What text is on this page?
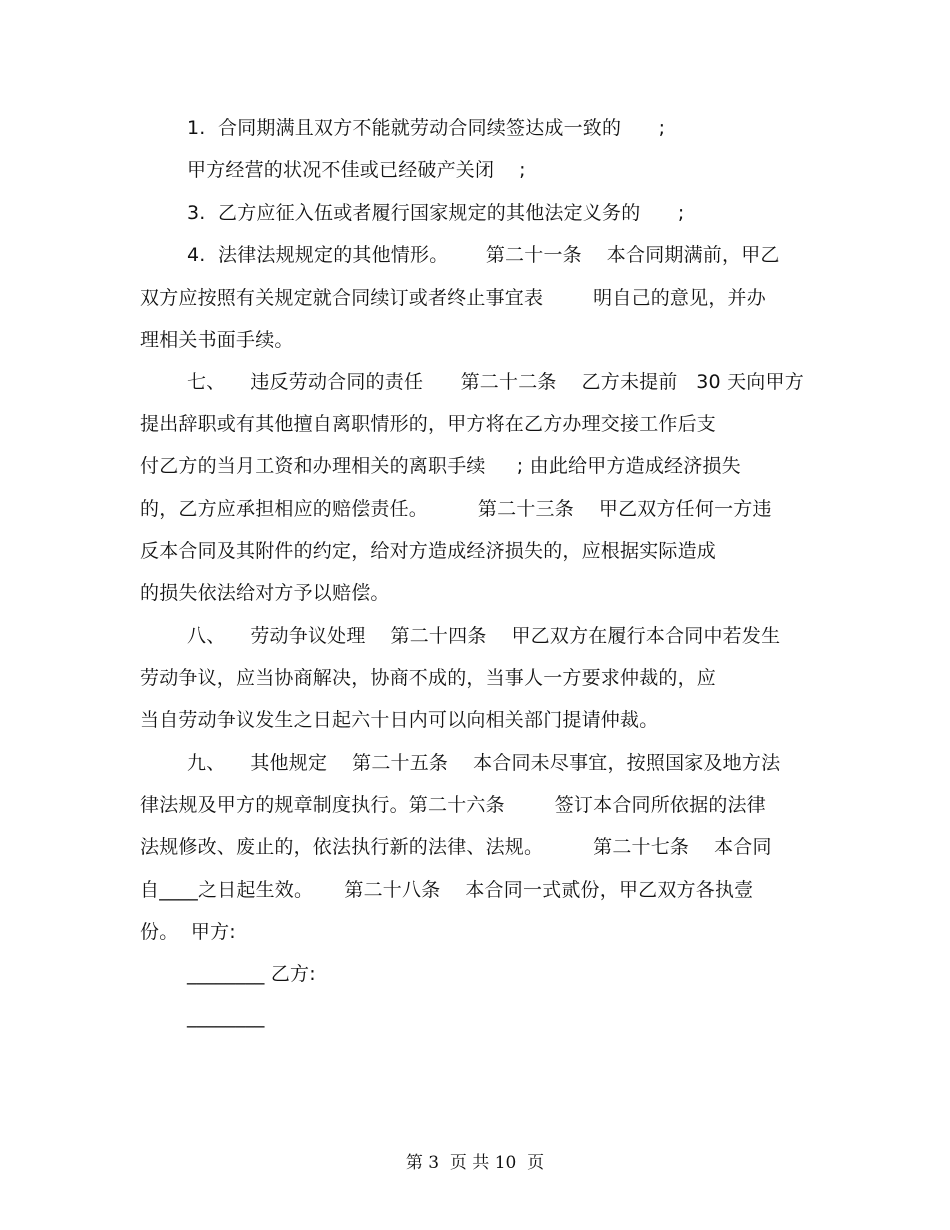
1.  合同期满且双方不能就劳动合同续签达成一致的      ;
甲方经营的状况不佳或已经破产关闭    ;
3.  乙方应征入伍或者履行国家规定的其他法定义务的      ;
4.  法律法规规定的其他情形。      第二十一条    本合同期满前，甲乙
双方应按照有关规定就合同续订或者终止事宜表        明自己的意见，并办
理相关书面手续。
七、    违反劳动合同的责任      第二十二条    乙方未提前   30 天向甲方
提出辞职或有其他擅自离职情形的，甲方将在乙方办理交接工作后支
付乙方的当月工资和办理相关的离职手续     ; 由此给甲方造成经济损失
的，乙方应承担相应的赔偿责任。        第二十三条    甲乙双方任何一方违
反本合同及其附件的约定，给对方造成经济损失的，应根据实际造成
的损失依法给对方予以赔偿。
八、    劳动争议处理    第二十四条    甲乙双方在履行本合同中若发生
劳动争议，应当协商解决，协商不成的，当事人一方要求仲裁的，应
当自劳动争议发生之日起六十日内可以向相关部门提请仲裁。
九、    其他规定    第二十五条    本合同未尽事宜，按照国家及地方法
律法规及甲方的规章制度执行。第二十六条        签订本合同所依据的法律
法规修改、废止的，依法执行新的法律、法规。        第二十七条    本合同
自____之日起生效。     第二十八条    本合同一式贰份，甲乙双方各执壹
份。  甲方:
________ 乙方:
________
第 3  页 共 10  页
